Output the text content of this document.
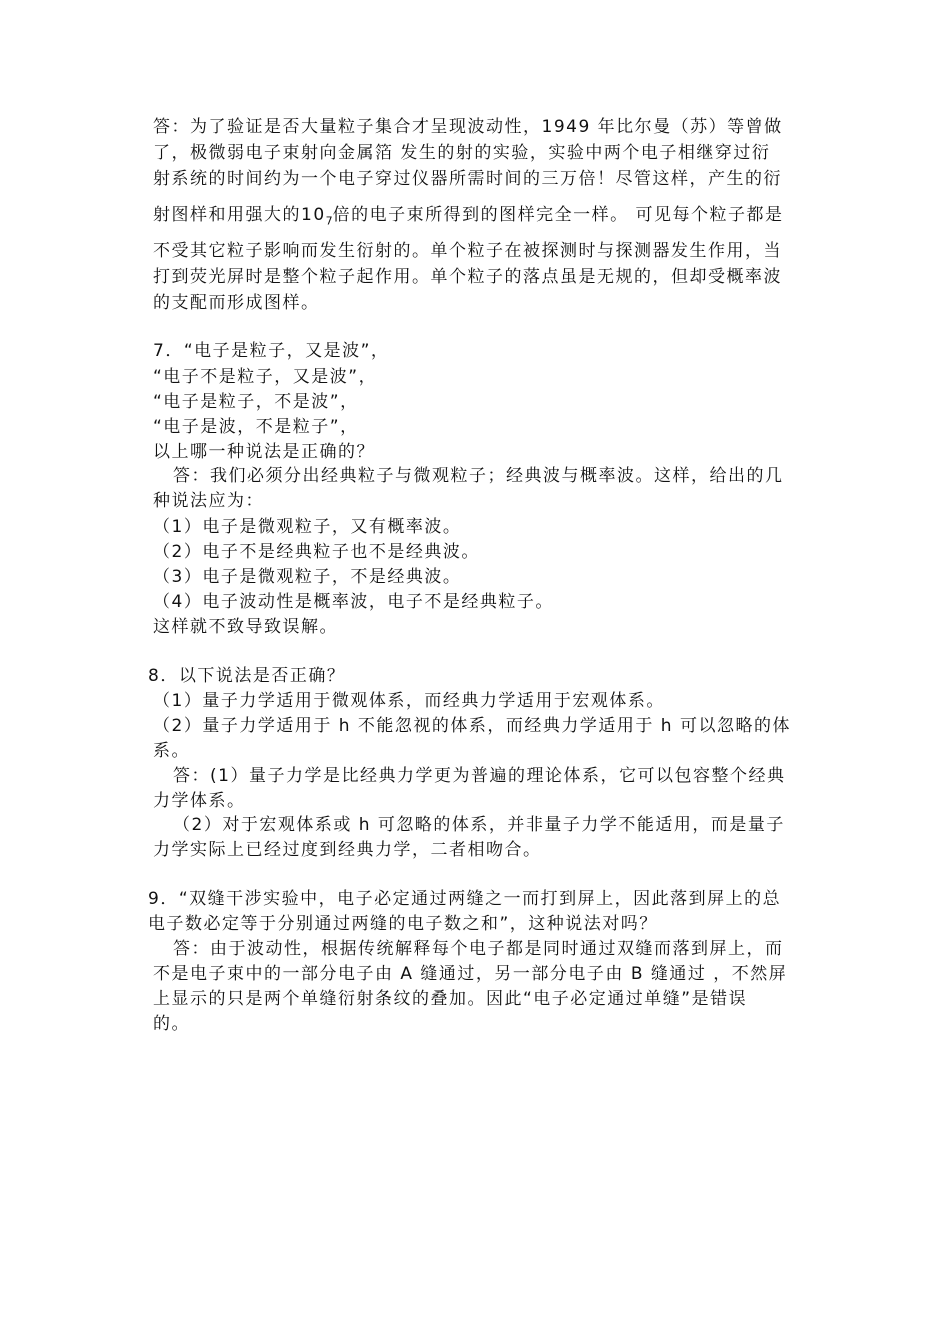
答：为了验证是否大量粒子集合才呈现波动性，1949 年比尔曼（苏）等曾做
了，极微弱电子束射向金属箔 发生的射的实验，实验中两个电子相继穿过衍
射系统的时间约为一个电子穿过仪器所需时间的三万倍！尽管这样，产生的衍
射图样和用强大的$10_7$倍的电子束所得到的图样完全一样。 可见每个粒子都是
不受其它粒子影响而发生衍射的。单个粒子在被探测时与探测器发生作用，当
打到荧光屏时是整个粒子起作用。单个粒子的落点虽是无规的，但却受概率波
的支配而形成图样。
7．“电子是粒子，又是波”，
“电子不是粒子，又是波”，
“电子是粒子，不是波”，
“电子是波，不是粒子”，
以上哪一种说法是正确的？
答：我们必须分出经典粒子与微观粒子；经典波与概率波。这样，给出的几
种说法应为：
（1）电子是微观粒子，又有概率波。
（2）电子不是经典粒子也不是经典波。
（3）电子是微观粒子，不是经典波。
（4）电子波动性是概率波，电子不是经典粒子。
这样就不致导致误解。
8．以下说法是否正确？
（1）量子力学适用于微观体系，而经典力学适用于宏观体系。
（2）量子力学适用于 h 不能忽视的体系，而经典力学适用于 h 可以忽略的体
系。
答：(1）量子力学是比经典力学更为普遍的理论体系，它可以包容整个经典
力学体系。
（2）对于宏观体系或 h 可忽略的体系，并非量子力学不能适用，而是量子
力学实际上已经过度到经典力学，二者相吻合。
9．“双缝干涉实验中，电子必定通过两缝之一而打到屏上，因此落到屏上的总
电子数必定等于分别通过两缝的电子数之和”，这种说法对吗？
答：由于波动性，根据传统解释每个电子都是同时通过双缝而落到屏上，而
不是电子束中的一部分电子由 A 缝通过，另一部分电子由 B 缝通过 ，不然屏
上显示的只是两个单缝衍射条纹的叠加。因此“电子必定通过单缝”是错误
的。
